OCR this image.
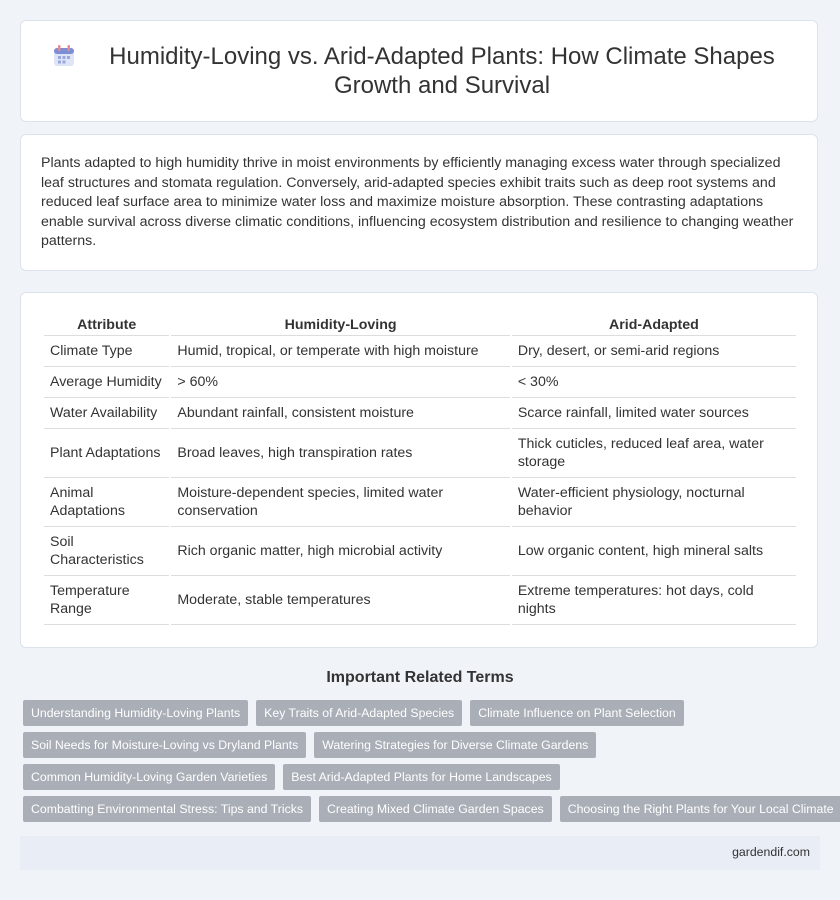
Humidity-Loving vs. Arid-Adapted Plants: How Climate Shapes Growth and Survival

Plants adapted to high humidity thrive in moist environments by efficiently managing excess water through specialized leaf structures and stomata regulation. Conversely, arid-adapted species exhibit traits such as deep root systems and reduced leaf surface area to minimize water loss and maximize moisture absorption. These contrasting adaptations enable survival across diverse climatic conditions, influencing ecosystem distribution and resilience to changing weather patterns.

Attribute	Humidity-Loving	Arid-Adapted
Climate Type	Humid, tropical, or temperate with high moisture	Dry, desert, or semi-arid regions
Average Humidity	> 60%	< 30%
Water Availability	Abundant rainfall, consistent moisture	Scarce rainfall, limited water sources
Plant Adaptations	Broad leaves, high transpiration rates	Thick cuticles, reduced leaf area, water storage
Animal Adaptations	Moisture-dependent species, limited water conservation	Water-efficient physiology, nocturnal behavior
Soil Characteristics	Rich organic matter, high microbial activity	Low organic content, high mineral salts
Temperature Range	Moderate, stable temperatures	Extreme temperatures: hot days, cold nights
Important Related Terms
Understanding Humidity-Loving Plants	Key Traits of Arid-Adapted Species	Climate Influence on Plant Selection
Soil Needs for Moisture-Loving vs Dryland Plants	Watering Strategies for Diverse Climate Gardens
Common Humidity-Loving Garden Varieties	Best Arid-Adapted Plants for Home Landscapes
Combatting Environmental Stress: Tips and Tricks	Creating Mixed Climate Garden Spaces	Choosing the Right Plants for Your Local Climate
gardendif.com
